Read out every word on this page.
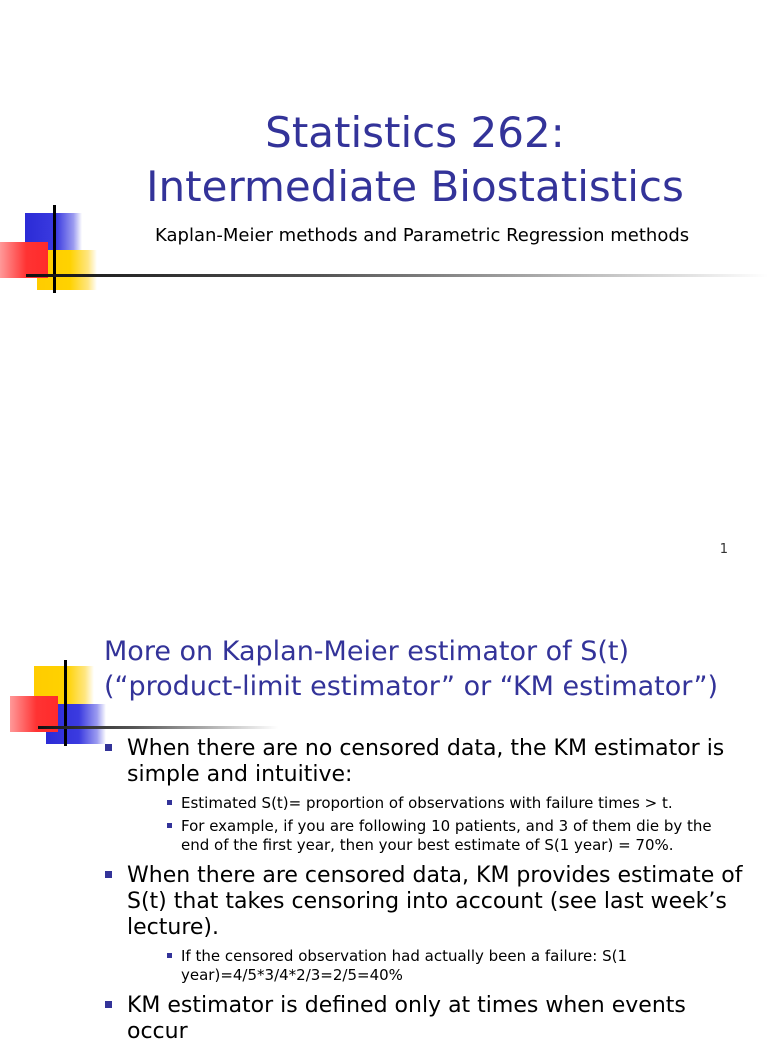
Statistics 262:
Intermediate Biostatistics

Kaplan-Meier methods and Parametric Regression methods

1
More on Kaplan-Meier estimator of S(t) (“product-limit estimator” or “KM estimator”)

When there are no censored data, the KM estimator is simple and intuitive:

Estimated S(t)= proportion of observations with failure times > t.

For example, if you are following 10 patients, and 3 of them die by the end of the first year, then your best estimate of S(1 year) = 70%.

When there are censored data, KM provides estimate of S(t) that takes censoring into account (see last week’s lecture).

If the censored observation had actually been a failure: S(1 year)=4/5*3/4*2/3=2/5=40%

KM estimator is defined only at times when events occur
